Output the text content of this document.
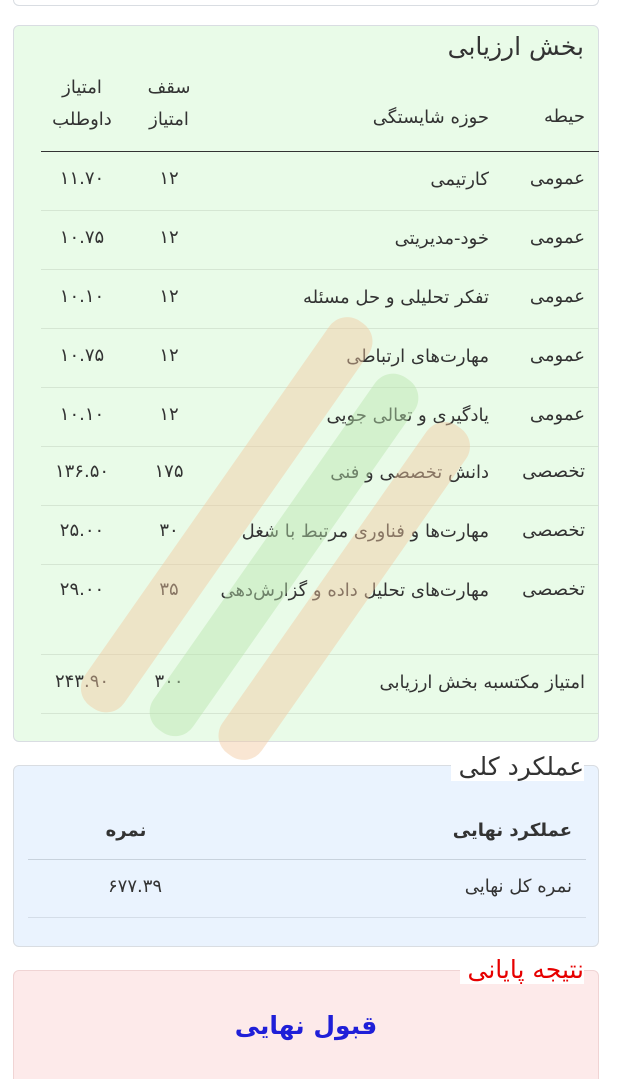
بخش ارزیابی
حیطه
حوزه شایستگی
سقف
امتیاز
امتیاز
داوطلب
عمومی
کارتیمی
۱۲
۱۱.۷۰
عمومی
خود-مدیریتی
۱۲
۱۰.۷۵
عمومی
تفکر تحلیلی و حل مسئله
۱۲
۱۰.۱۰
عمومی
مهارت‌های ارتباطی
۱۲
۱۰.۷۵
عمومی
یادگیری و تعالی جویی
۱۲
۱۰.۱۰
تخصصی
دانش تخصصی و فنی
۱۷۵
۱۳۶.۵۰
تخصصی
مهارت‌ها و فناوری مرتبط با شغل
۳۰
۲۵.۰۰
تخصصی
مهارت‌های تحلیل داده و گزارش‌دهی
۳۵
۲۹.۰۰
امتیاز مکتسبه بخش ارزیابی
۳۰۰
۲۴۳.۹۰
عملکرد کلی
عملکرد نهایی
نمره
نمره کل نهایی
۶۷۷.۳۹
نتیجه پایانی
قبول نهایی
